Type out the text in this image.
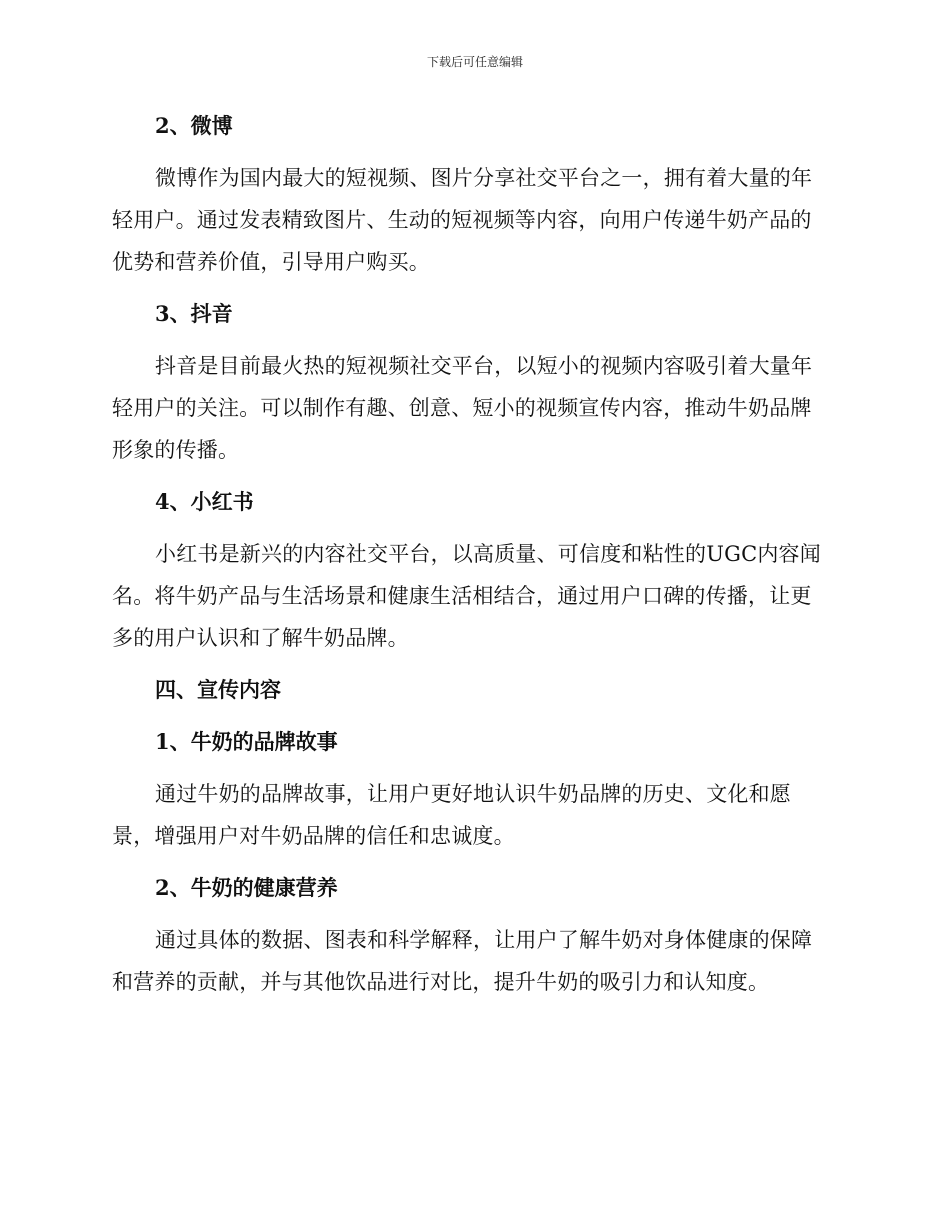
下载后可任意编辑
2、微博
微博作为国内最大的短视频、图片分享社交平台之一，拥有着大量的年轻用户。通过发表精致图片、生动的短视频等内容，向用户传递牛奶产品的优势和营养价值，引导用户购买。
3、抖音
抖音是目前最火热的短视频社交平台，以短小的视频内容吸引着大量年轻用户的关注。可以制作有趣、创意、短小的视频宣传内容，推动牛奶品牌形象的传播。
4、小红书
小红书是新兴的内容社交平台，以高质量、可信度和粘性的UGC内容闻名。将牛奶产品与生活场景和健康生活相结合，通过用户口碑的传播，让更多的用户认识和了解牛奶品牌。
四、宣传内容
1、牛奶的品牌故事
通过牛奶的品牌故事，让用户更好地认识牛奶品牌的历史、文化和愿景，增强用户对牛奶品牌的信任和忠诚度。
2、牛奶的健康营养
通过具体的数据、图表和科学解释，让用户了解牛奶对身体健康的保障和营养的贡献，并与其他饮品进行对比，提升牛奶的吸引力和认知度。
